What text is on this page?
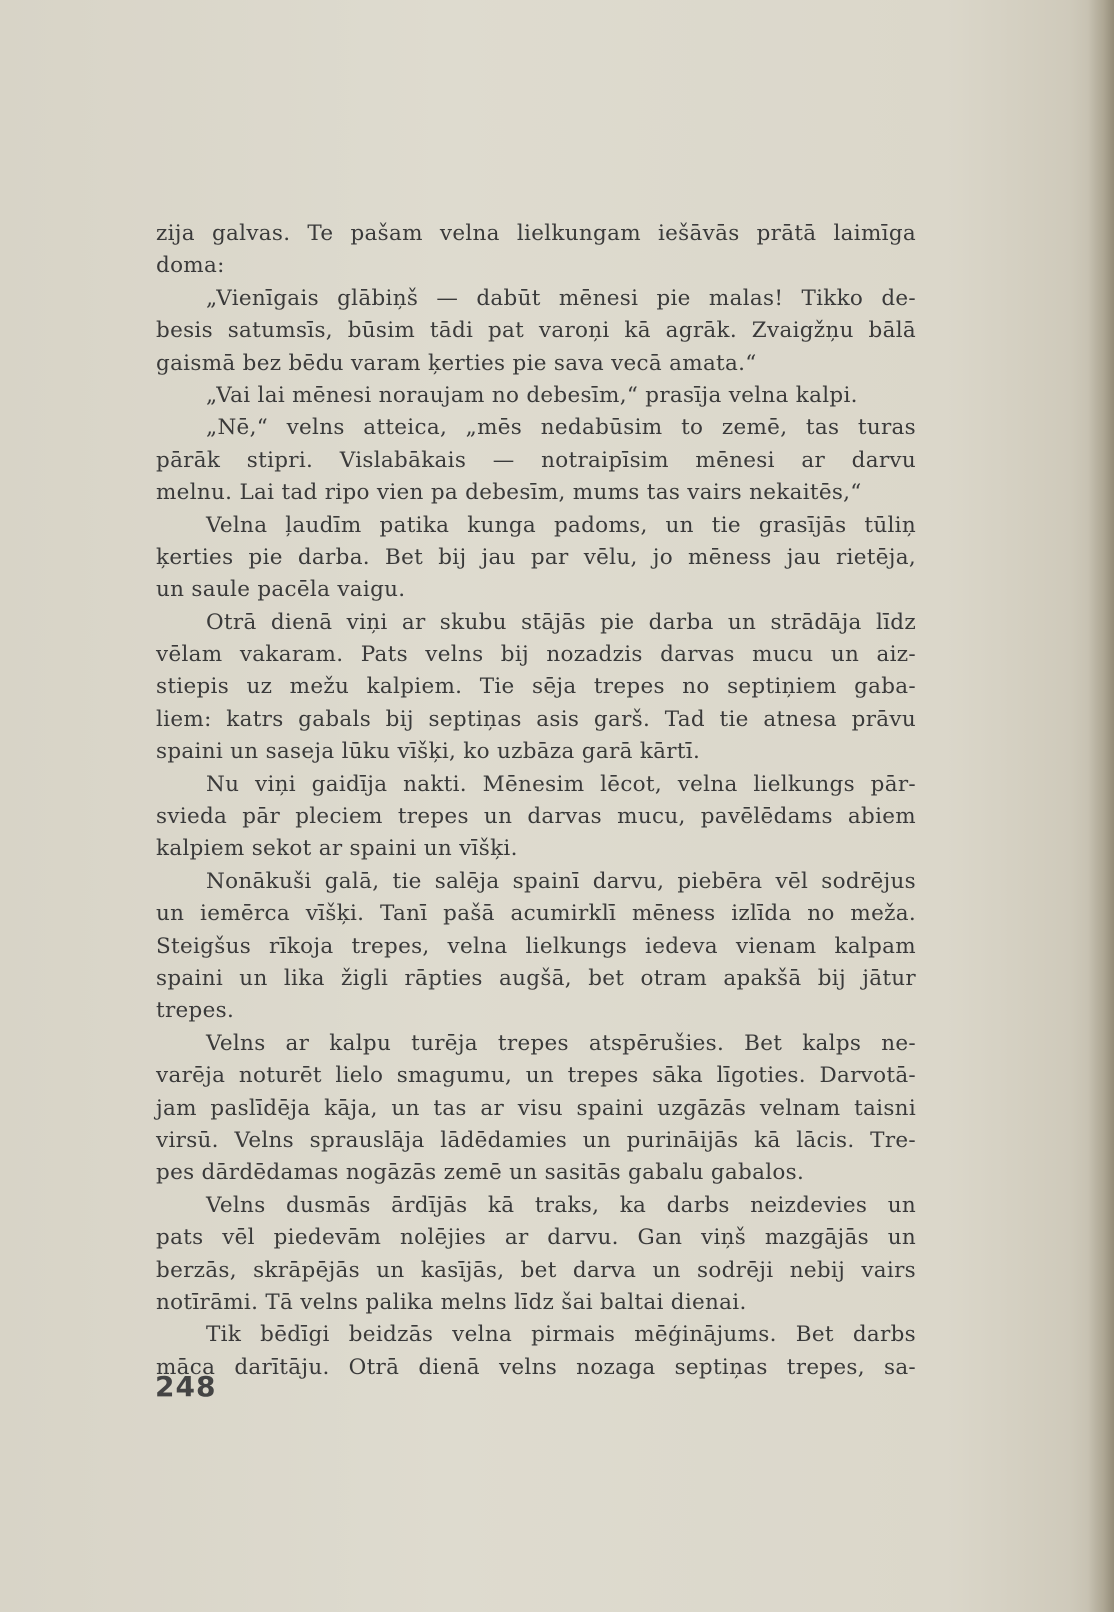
zija galvas. Te pašam velna lielkungam iešāvās prātā laimīga
doma:
„Vienīgais glābiņš — dabūt mēnesi pie malas! Tikko de-
besis satumsīs, būsim tādi pat varoņi kā agrāk. Zvaigžņu bālā
gaismā bez bēdu varam ķerties pie sava vecā amata.“
„Vai lai mēnesi noraujam no debesīm,“ prasīja velna kalpi.
„Nē,“ velns atteica, „mēs nedabūsim to zemē, tas turas
pārāk stipri. Vislabākais — notraipīsim mēnesi ar darvu
melnu. Lai tad ripo vien pa debesīm, mums tas vairs nekaitēs,“
Velna ļaudīm patika kunga padoms, un tie grasījās tūliņ
ķerties pie darba. Bet bij jau par vēlu, jo mēness jau rietēja,
un saule pacēla vaigu.
Otrā dienā viņi ar skubu stājās pie darba un strādāja līdz
vēlam vakaram. Pats velns bij nozadzis darvas mucu un aiz-
stiepis uz mežu kalpiem. Tie sēja trepes no septiņiem gaba-
liem: katrs gabals bij septiņas asis garš. Tad tie atnesa prāvu
spaini un saseja lūku vīšķi, ko uzbāza garā kārtī.
Nu viņi gaidīja nakti. Mēnesim lēcot, velna lielkungs pār-
svieda pār pleciem trepes un darvas mucu, pavēlēdams abiem
kalpiem sekot ar spaini un vīšķi.
Nonākuši galā, tie salēja spainī darvu, piebēra vēl sodrējus
un iemērca vīšķi. Tanī pašā acumirklī mēness izlīda no meža.
Steigšus rīkoja trepes, velna lielkungs iedeva vienam kalpam
spaini un lika žigli rāpties augšā, bet otram apakšā bij jātur
trepes.
Velns ar kalpu turēja trepes atspērušies. Bet kalps ne-
varēja noturēt lielo smagumu, un trepes sāka līgoties. Darvotā-
jam paslīdēja kāja, un tas ar visu spaini uzgāzās velnam taisni
virsū. Velns sprauslāja lādēdamies un purināijās kā lācis. Tre-
pes dārdēdamas nogāzās zemē un sasitās gabalu gabalos.
Velns dusmās ārdījās kā traks, ka darbs neizdevies un
pats vēl piedevām nolējies ar darvu. Gan viņš mazgājās un
berzās, skrāpējās un kasījās, bet darva un sodrēji nebij vairs
notīrāmi. Tā velns palika melns līdz šai baltai dienai.
Tik bēdīgi beidzās velna pirmais mēģinājums. Bet darbs
māca darītāju. Otrā dienā velns nozaga septiņas trepes, sa-
248
